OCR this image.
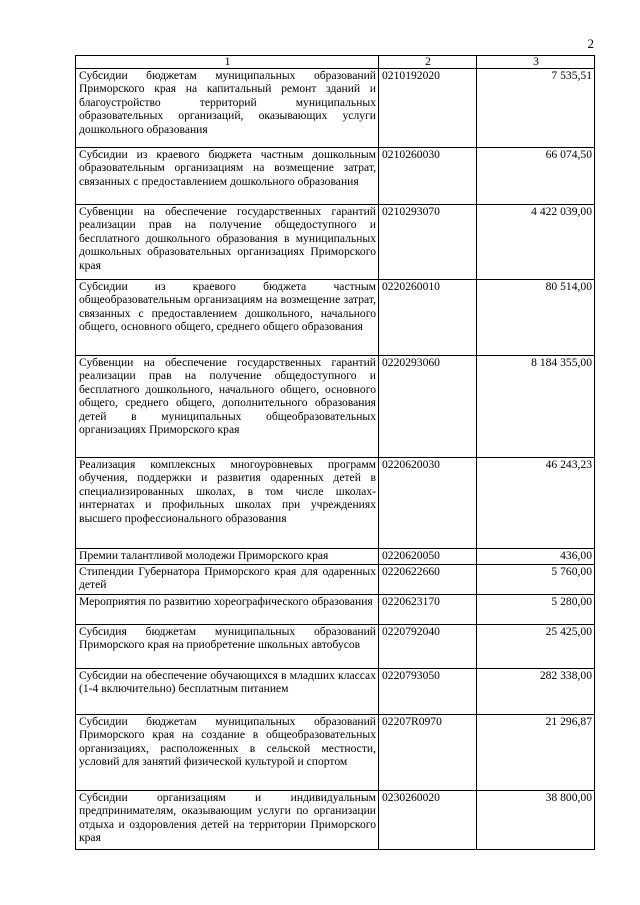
2
1	2	3
Субсидии бюджетам муниципальных образований Приморского края на капитальный ремонт зданий и благоустройство территорий муниципальных образовательных организаций, оказывающих услуги дошкольного образования	0210192020	7 535,51
Субсидии из краевого бюджета частным дошкольным образовательным организациям на возмещение затрат, связанных с предоставлением дошкольного образования	0210260030	66 074,50
Субвенции на обеспечение государственных гарантий реализации прав на получение общедоступного и бесплатного дошкольного образования в муниципальных дошкольных образовательных организациях Приморского края	0210293070	4 422 039,00
Субсидии из краевого бюджета частным общеобразовательным организациям на возмещение затрат, связанных с предоставлением дошкольного, начального общего, основного общего, среднего общего образования	0220260010	80 514,00
Субвенции на обеспечение государственных гарантий реализации прав на получение общедоступного и бесплатного дошкольного, начального общего, основного общего, среднего общего, дополнительного образования детей в муниципальных общеобразовательных организациях Приморского края	0220293060	8 184 355,00
Реализация комплексных многоуровневых программ обучения, поддержки и развития одаренных детей в специализированных школах, в том числе школах-интернатах и профильных школах при учреждениях высшего профессионального образования	0220620030	46 243,23
Премии талантливой молодежи Приморского края	0220620050	436,00
Стипендии Губернатора Приморского края для одаренных детей	0220622660	5 760,00
Мероприятия по развитию хореографического образования	0220623170	5 280,00
Субсидия бюджетам муниципальных образований Приморского края на приобретение школьных автобусов	0220792040	25 425,00
Субсидии на обеспечение обучающихся в младших классах (1-4 включительно) бесплатным питанием	0220793050	282 338,00
Субсидии бюджетам муниципальных образований Приморского края на создание в общеобразовательных организациях, расположенных в сельской местности, условий для занятий физической культурой и спортом	02207R0970	21 296,87
Субсидии организациям и индивидуальным предпринимателям, оказывающим услуги по организации отдыха и оздоровления детей на территории Приморского края	0230260020	38 800,00
